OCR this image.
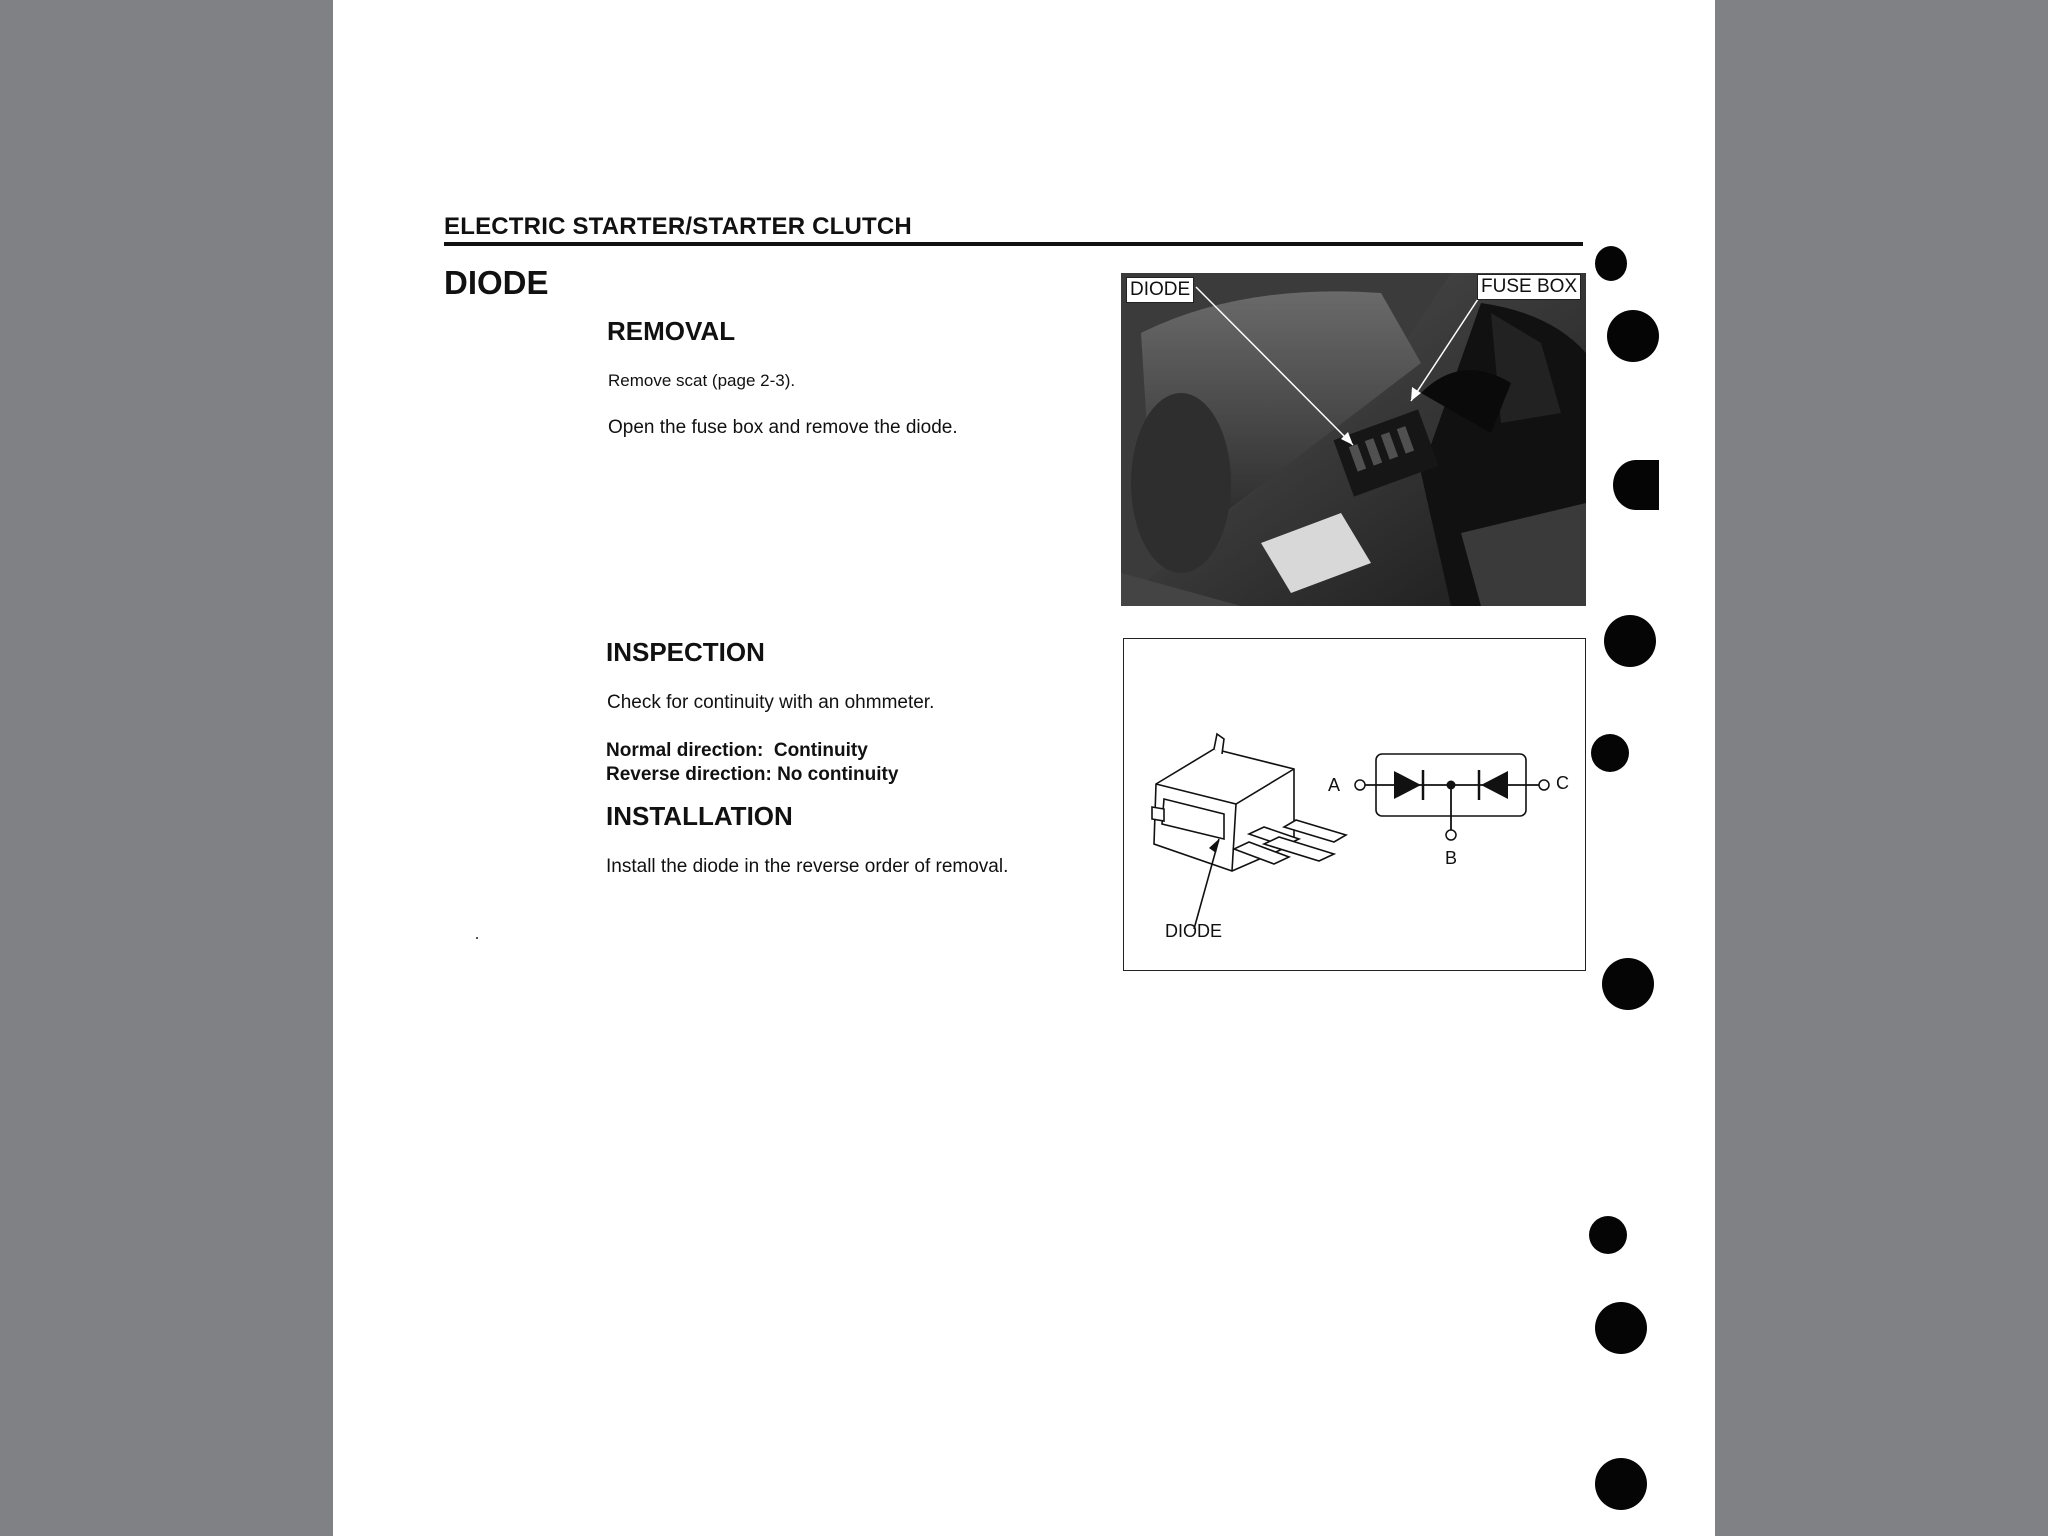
ELECTRIC STARTER/STARTER CLUTCH
DIODE
REMOVAL
Remove scat (page 2-3).
Open the fuse box and remove the diode.
INSPECTION
Check for continuity with an ohmmeter.
Normal direction:  Continuity
Reverse direction: No continuity
INSTALLATION
Install the diode in the reverse order of removal.
DIODE	FUSE BOX
A
B
C
DIODE
